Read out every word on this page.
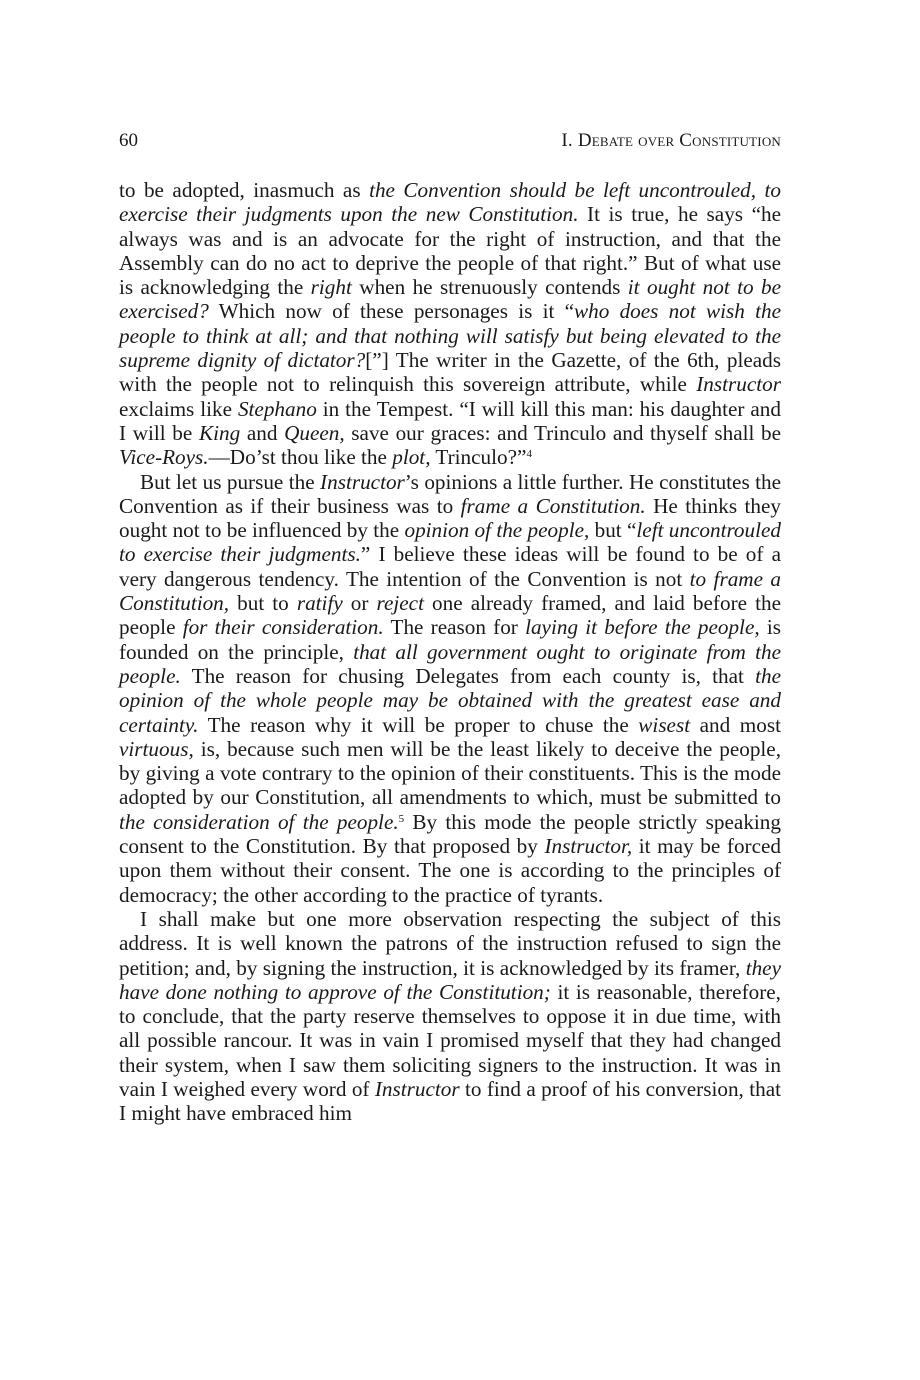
60	I. Debate over Constitution

to be adopted, inasmuch as the Convention should be left uncontrouled, to exercise their judgments upon the new Constitution. It is true, he says “he always was and is an advocate for the right of instruction, and that the Assembly can do no act to deprive the people of that right.” But of what use is acknowledging the right when he strenuously contends it ought not to be exercised? Which now of these personages is it “who does not wish the people to think at all; and that nothing will satisfy but being elevated to the supreme dignity of dictator?[”] The writer in the Gazette, of the 6th, pleads with the people not to relinquish this sovereign attribute, while Instructor exclaims like Stephano in the Tempest. “I will kill this man: his daughter and I will be King and Queen, save our graces: and Trinculo and thyself shall be Vice-Roys.—Do’st thou like the plot, Trinculo?”$^4$

But let us pursue the Instructor’s opinions a little further. He constitutes the Convention as if their business was to frame a Constitution. He thinks they ought not to be influenced by the opinion of the people, but “left uncontrouled to exercise their judgments.” I believe these ideas will be found to be of a very dangerous tendency. The intention of the Convention is not to frame a Constitution, but to ratify or reject one already framed, and laid before the people for their consideration. The reason for laying it before the people, is founded on the principle, that all government ought to originate from the people. The reason for chusing Delegates from each county is, that the opinion of the whole people may be obtained with the greatest ease and certainty. The reason why it will be proper to chuse the wisest and most virtuous, is, because such men will be the least likely to deceive the people, by giving a vote contrary to the opinion of their constituents. This is the mode adopted by our Constitution, all amendments to which, must be submitted to the consideration of the people.$^5$ By this mode the people strictly speaking consent to the Constitution. By that proposed by Instructor, it may be forced upon them without their consent. The one is according to the principles of democracy; the other according to the practice of tyrants.

I shall make but one more observation respecting the subject of this address. It is well known the patrons of the instruction refused to sign the petition; and, by signing the instruction, it is acknowledged by its framer, they have done nothing to approve of the Constitution; it is reasonable, therefore, to conclude, that the party reserve themselves to oppose it in due time, with all possible rancour. It was in vain I promised myself that they had changed their system, when I saw them soliciting signers to the instruction. It was in vain I weighed every word of Instructor to find a proof of his conversion, that I might have embraced him
